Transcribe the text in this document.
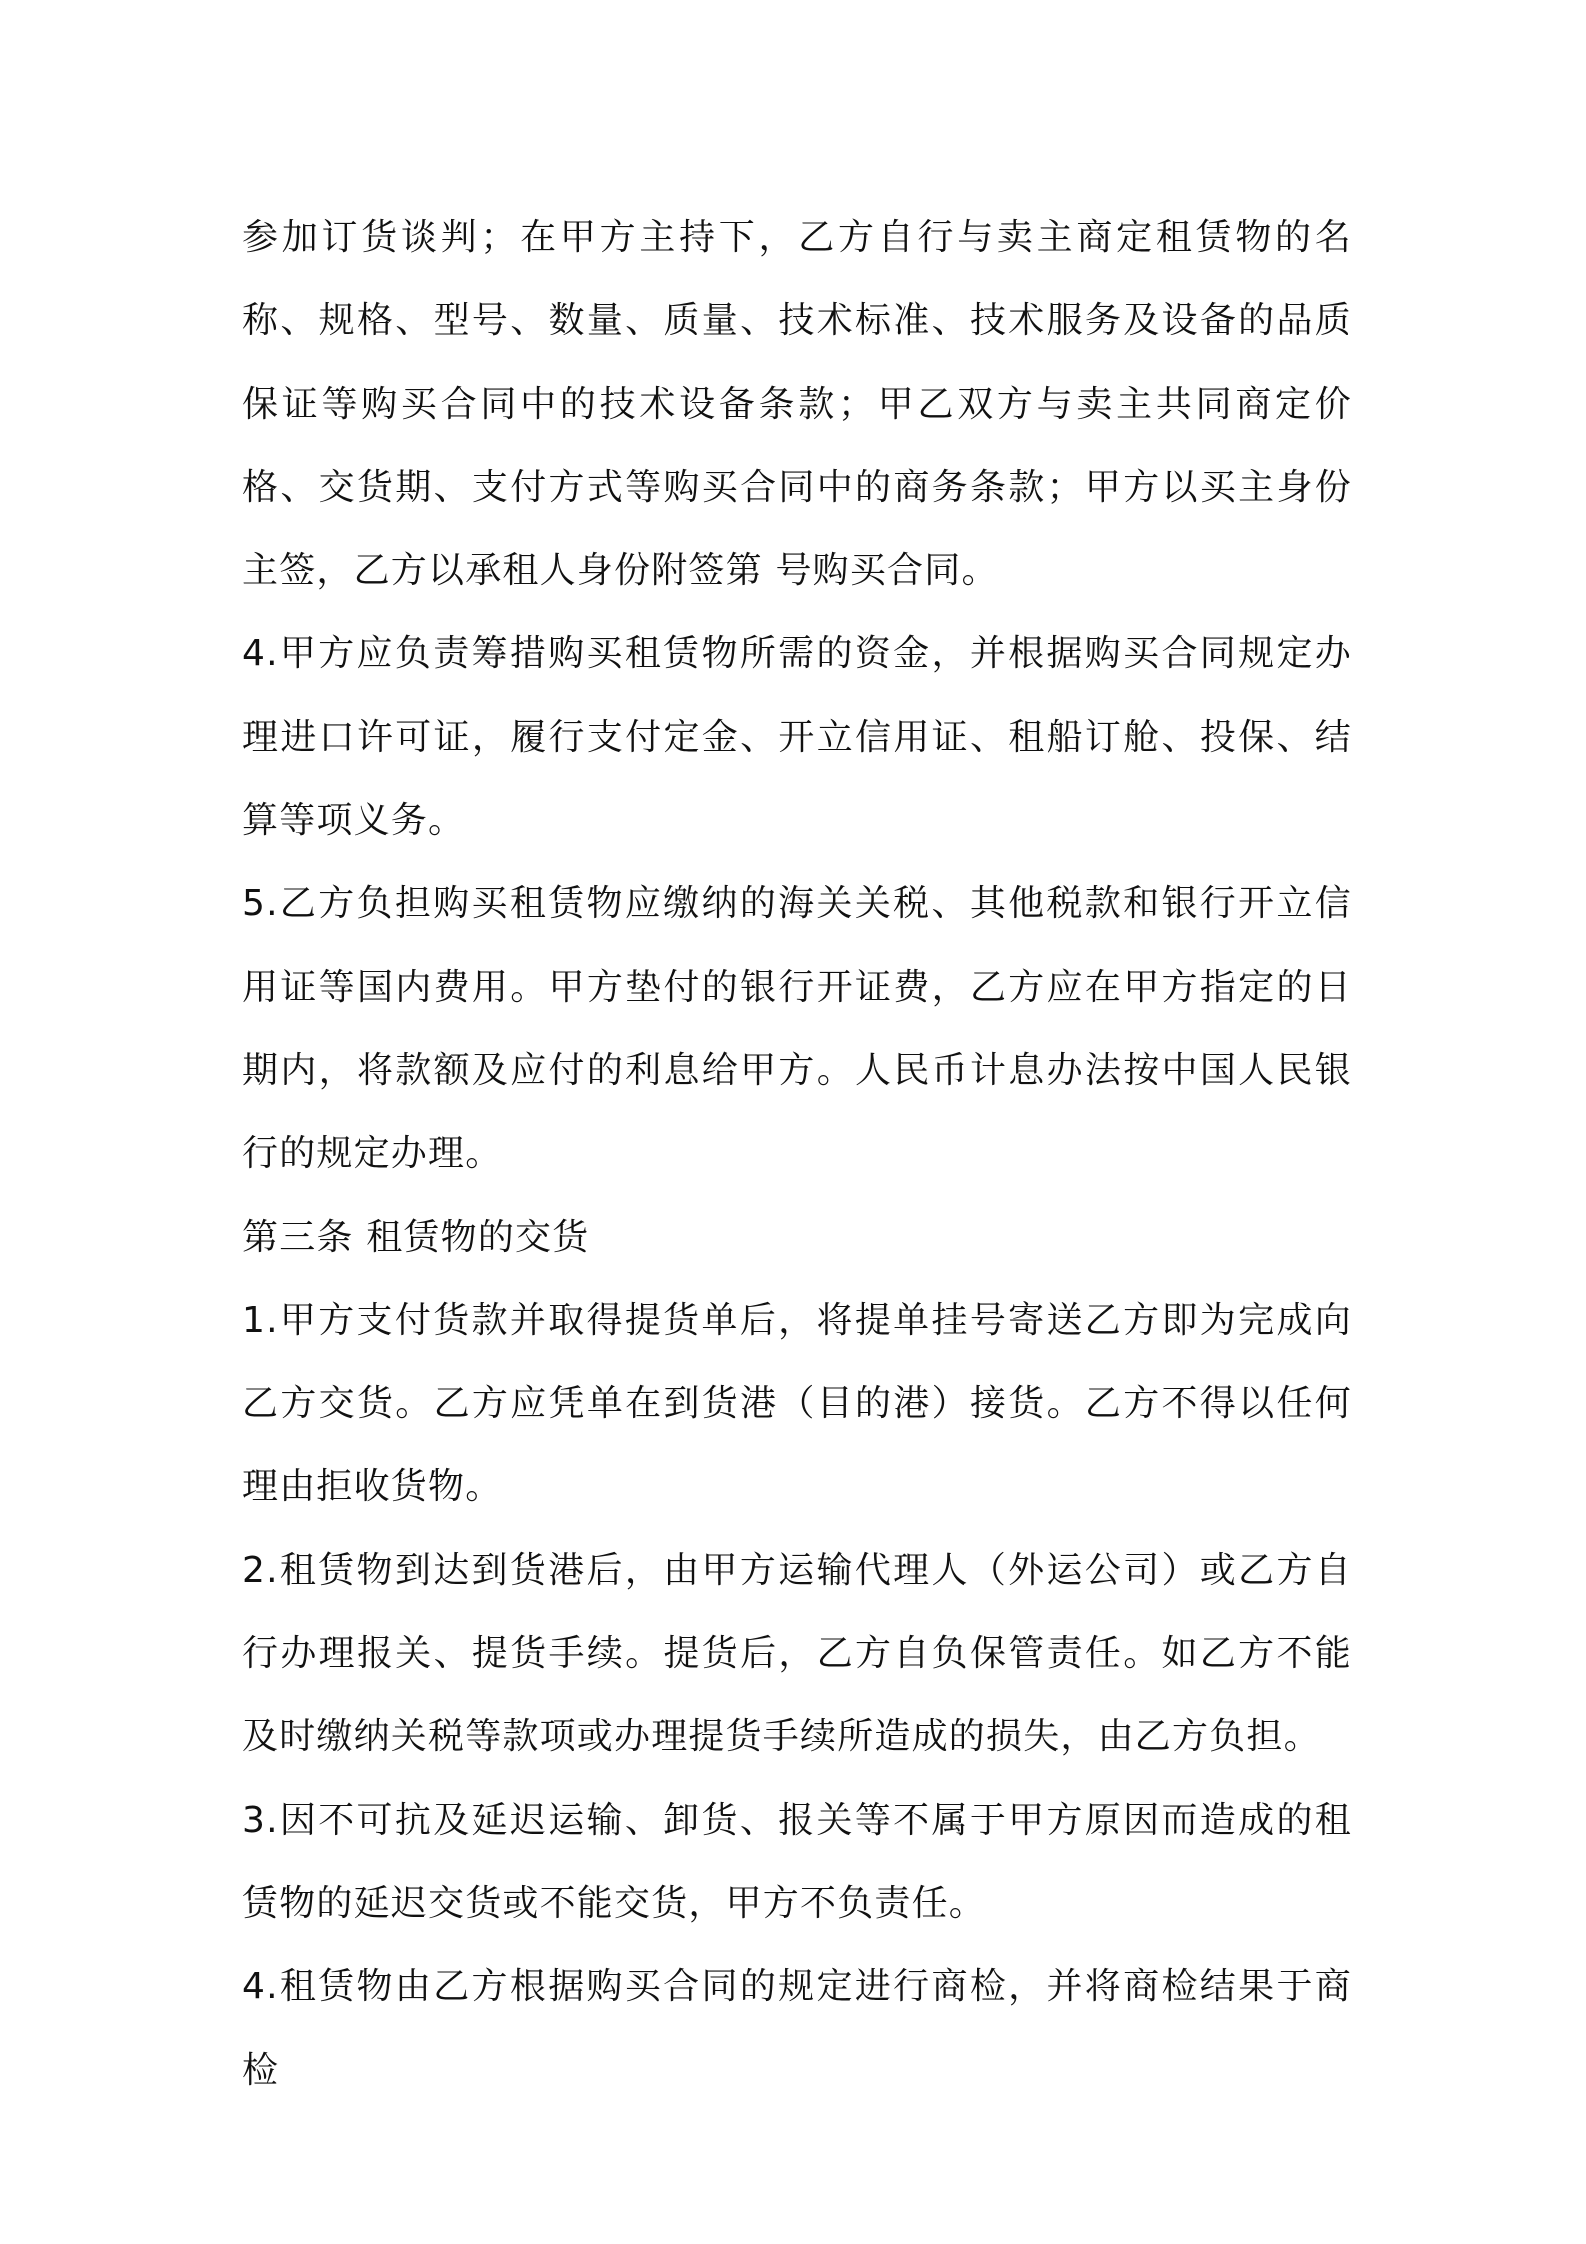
参加订货谈判；在甲方主持下，乙方自行与卖主商定租赁物的名称、规格、型号、数量、质量、技术标准、技术服务及设备的品质保证等购买合同中的技术设备条款；甲乙双方与卖主共同商定价格、交货期、支付方式等购买合同中的商务条款；甲方以买主身份主签，乙方以承租人身份附签第 号购买合同。

4.甲方应负责筹措购买租赁物所需的资金，并根据购买合同规定办理进口许可证，履行支付定金、开立信用证、租船订舱、投保、结算等项义务。

5.乙方负担购买租赁物应缴纳的海关关税、其他税款和银行开立信用证等国内费用。甲方垫付的银行开证费，乙方应在甲方指定的日期内，将款额及应付的利息给甲方。人民币计息办法按中国人民银行的规定办理。

第三条 租赁物的交货

1.甲方支付货款并取得提货单后，将提单挂号寄送乙方即为完成向乙方交货。乙方应凭单在到货港（目的港）接货。乙方不得以任何理由拒收货物。

2.租赁物到达到货港后，由甲方运输代理人（外运公司）或乙方自行办理报关、提货手续。提货后，乙方自负保管责任。如乙方不能及时缴纳关税等款项或办理提货手续所造成的损失，由乙方负担。

3.因不可抗及延迟运输、卸货、报关等不属于甲方原因而造成的租赁物的延迟交货或不能交货，甲方不负责任。

4.租赁物由乙方根据购买合同的规定进行商检，并将商检结果于商检
